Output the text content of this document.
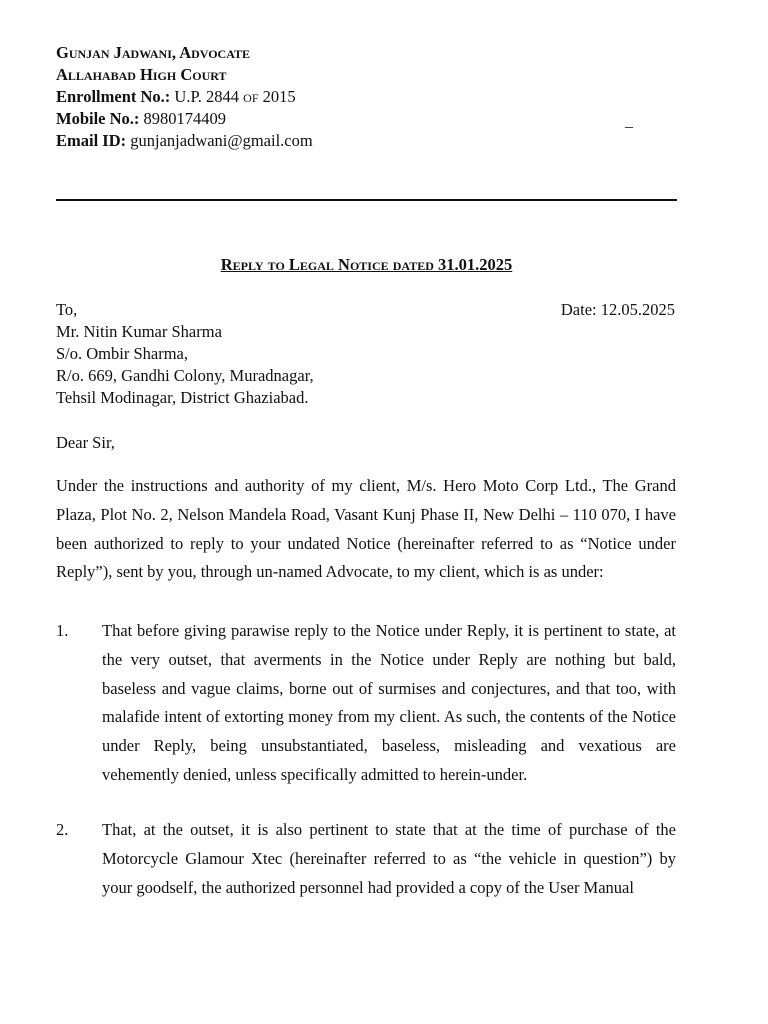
Gunjan Jadwani, Advocate
Allahabad High Court
Enrollment No.: U.P. 2844 of 2015
Mobile No.: 8980174409
Email ID: gunjanjadwani@gmail.com
_
Reply to Legal Notice dated 31.01.2025
To,
Mr. Nitin Kumar Sharma
S/o. Ombir Sharma,
R/o. 669, Gandhi Colony, Muradnagar,
Tehsil Modinagar, District Ghaziabad.
Date: 12.05.2025
Dear Sir,
Under the instructions and authority of my client, M/s. Hero Moto Corp Ltd., The Grand Plaza, Plot No. 2, Nelson Mandela Road, Vasant Kunj Phase II, New Delhi – 110 070, I have been authorized to reply to your undated Notice (hereinafter referred to as “Notice under Reply”), sent by you, through un-named Advocate, to my client, which is as under:
1. That before giving parawise reply to the Notice under Reply, it is pertinent to state, at the very outset, that averments in the Notice under Reply are nothing but bald, baseless and vague claims, borne out of surmises and conjectures, and that too, with malafide intent of extorting money from my client. As such, the contents of the Notice under Reply, being unsubstantiated, baseless, misleading and vexatious are vehemently denied, unless specifically admitted to herein-under.
2. That, at the outset, it is also pertinent to state that at the time of purchase of the Motorcycle Glamour Xtec (hereinafter referred to as “the vehicle in question”) by your goodself, the authorized personnel had provided a copy of the User Manual
